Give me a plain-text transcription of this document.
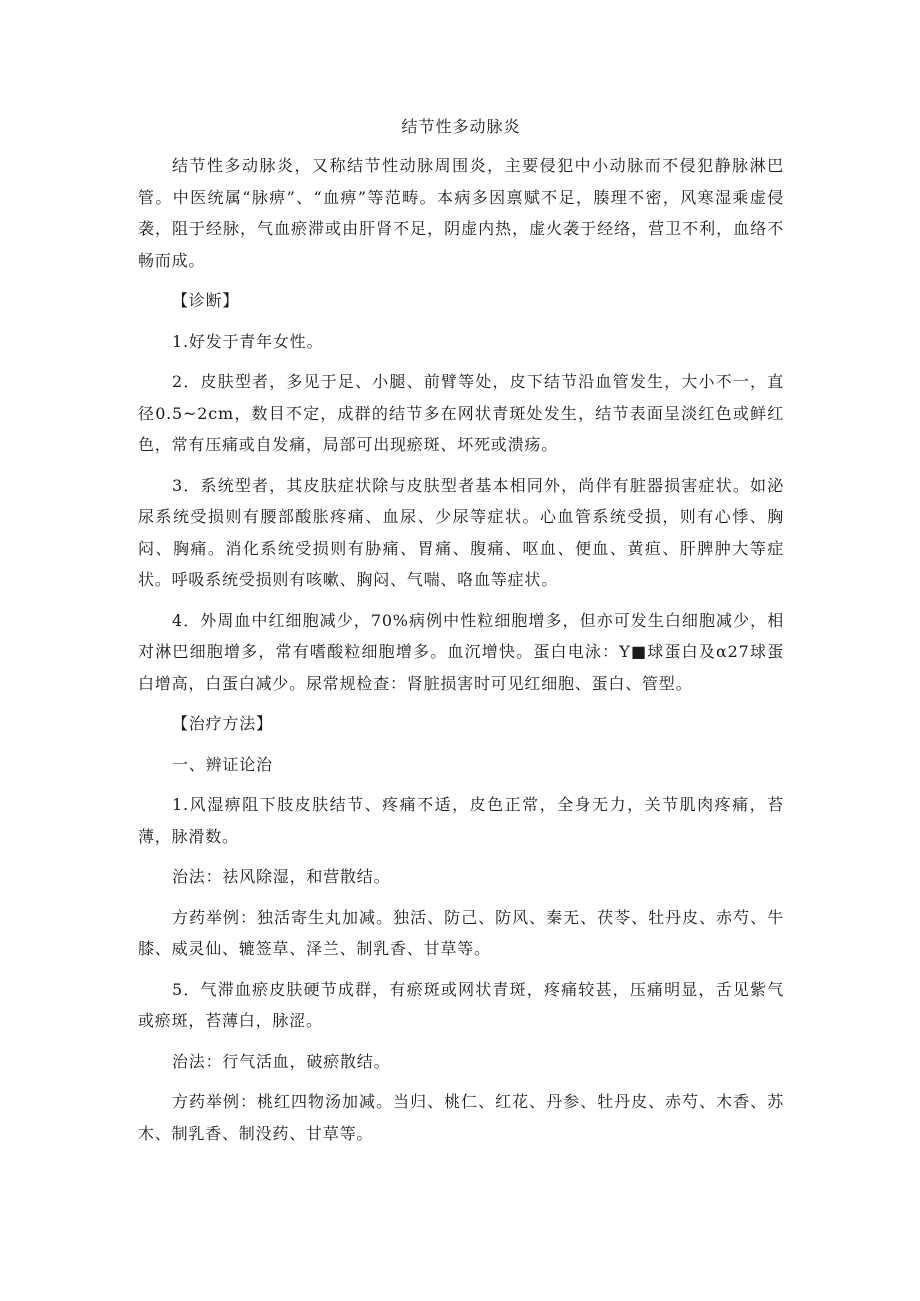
结节性多动脉炎

结节性多动脉炎，又称结节性动脉周围炎，主要侵犯中小动脉而不侵犯静脉淋巴管。中医统属“脉痹”、“血痹”等范畴。本病多因禀赋不足，腠理不密，风寒湿乘虚侵袭，阻于经脉，气血瘀滞或由肝肾不足，阴虚内热，虚火袭于经络，营卫不利，血络不畅而成。

【诊断】

1.好发于青年女性。

2．皮肤型者，多见于足、小腿、前臂等处，皮下结节沿血管发生，大小不一，直径0.5~2cm，数目不定，成群的结节多在网状青斑处发生，结节表面呈淡红色或鲜红色，常有压痛或自发痛，局部可出现瘀斑、坏死或溃疡。

3．系统型者，其皮肤症状除与皮肤型者基本相同外，尚伴有脏器损害症状。如泌尿系统受损则有腰部酸胀疼痛、血尿、少尿等症状。心血管系统受损，则有心悸、胸闷、胸痛。消化系统受损则有胁痛、胃痛、腹痛、呕血、便血、黄疸、肝脾肿大等症状。呼吸系统受损则有咳嗽、胸闷、气喘、咯血等症状。

4．外周血中红细胞减少，70%病例中性粒细胞增多，但亦可发生白细胞减少，相对淋巴细胞增多，常有嗜酸粒细胞增多。血沉增快。蛋白电泳：Y■球蛋白及α27球蛋白增高，白蛋白减少。尿常规检查：肾脏损害时可见红细胞、蛋白、管型。

【治疗方法】

一、辨证论治

1.风湿痹阻下肢皮肤结节、疼痛不适，皮色正常，全身无力，关节肌肉疼痛，苔薄，脉滑数。

治法：祛风除湿，和营散结。

方药举例：独活寄生丸加减。独活、防己、防风、秦无、茯苓、牡丹皮、赤芍、牛膝、威灵仙、辘签草、泽兰、制乳香、甘草等。

5．气滞血瘀皮肤硬节成群，有瘀斑或网状青斑，疼痛较甚，压痛明显，舌见紫气或瘀斑，苔薄白，脉涩。

治法：行气活血，破瘀散结。

方药举例：桃红四物汤加减。当归、桃仁、红花、丹参、牡丹皮、赤芍、木香、苏木、制乳香、制没药、甘草等。
